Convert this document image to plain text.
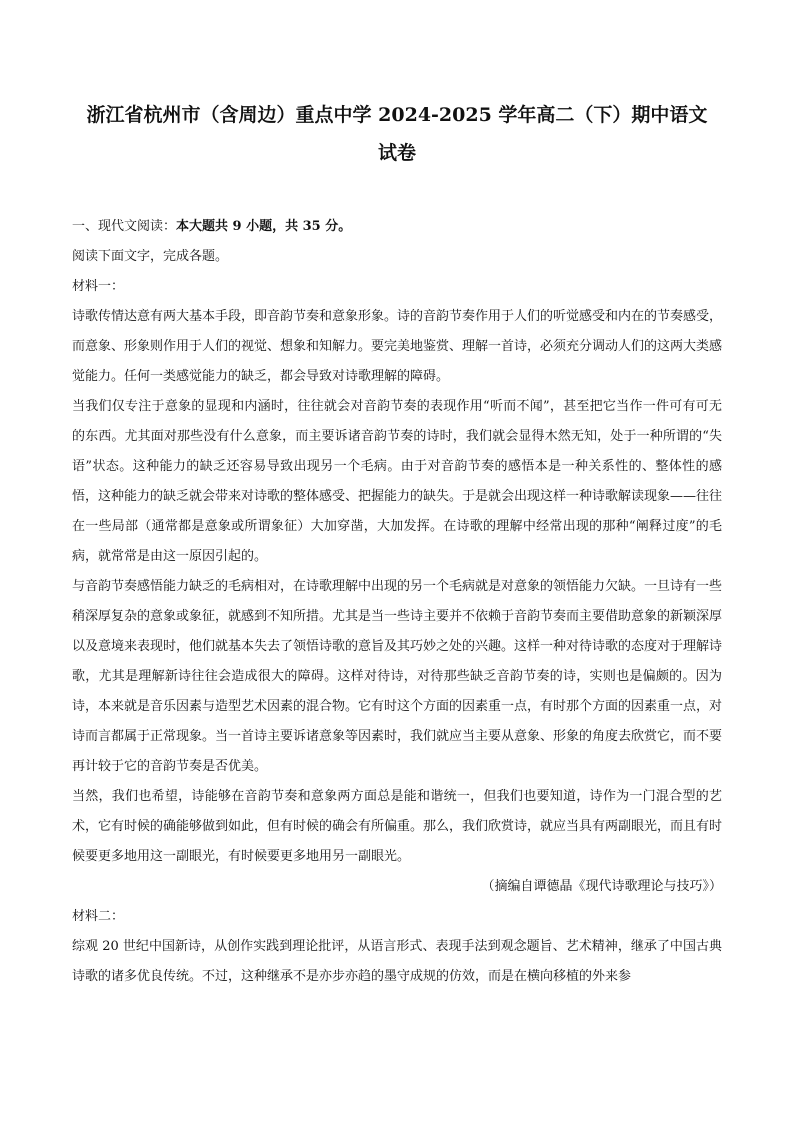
浙江省杭州市（含周边）重点中学 2024-2025 学年高二（下）期中语文
试卷
一、现代文阅读：本大题共 9 小题，共 35 分。

阅读下面文字，完成各题。

材料一：

诗歌传情达意有两大基本手段，即音韵节奏和意象形象。诗的音韵节奏作用于人们的听觉感受和内在的节奏感受，而意象、形象则作用于人们的视觉、想象和知解力。要完美地鉴赏、理解一首诗，必须充分调动人们的这两大类感觉能力。任何一类感觉能力的缺乏，都会导致对诗歌理解的障碍。

当我们仅专注于意象的显现和内涵时，往往就会对音韵节奏的表现作用“听而不闻”，甚至把它当作一件可有可无的东西。尤其面对那些没有什么意象，而主要诉诸音韵节奏的诗时，我们就会显得木然无知，处于一种所谓的“失语”状态。这种能力的缺乏还容易导致出现另一个毛病。由于对音韵节奏的感悟本是一种关系性的、整体性的感悟，这种能力的缺乏就会带来对诗歌的整体感受、把握能力的缺失。于是就会出现这样一种诗歌解读现象——往往在一些局部（通常都是意象或所谓象征）大加穿凿，大加发挥。在诗歌的理解中经常出现的那种“阐释过度”的毛病，就常常是由这一原因引起的。

与音韵节奏感悟能力缺乏的毛病相对，在诗歌理解中出现的另一个毛病就是对意象的领悟能力欠缺。一旦诗有一些稍深厚复杂的意象或象征，就感到不知所措。尤其是当一些诗主要并不依赖于音韵节奏而主要借助意象的新颖深厚以及意境来表现时，他们就基本失去了领悟诗歌的意旨及其巧妙之处的兴趣。这样一种对待诗歌的态度对于理解诗歌，尤其是理解新诗往往会造成很大的障碍。这样对待诗，对待那些缺乏音韵节奏的诗，实则也是偏颇的。因为诗，本来就是音乐因素与造型艺术因素的混合物。它有时这个方面的因素重一点，有时那个方面的因素重一点，对诗而言都属于正常现象。当一首诗主要诉诸意象等因素时，我们就应当主要从意象、形象的角度去欣赏它，而不要再计较于它的音韵节奏是否优美。

当然，我们也希望，诗能够在音韵节奏和意象两方面总是能和谐统一，但我们也要知道，诗作为一门混合型的艺术，它有时候的确能够做到如此，但有时候的确会有所偏重。那么，我们欣赏诗，就应当具有两副眼光，而且有时候要更多地用这一副眼光，有时候要更多地用另一副眼光。

（摘编自谭德晶《现代诗歌理论与技巧》）

材料二：

综观 20 世纪中国新诗，从创作实践到理论批评，从语言形式、表现手法到观念题旨、艺术精神，继承了中国古典诗歌的诸多优良传统。不过，这种继承不是亦步亦趋的墨守成规的仿效，而是在横向移植的外来参
